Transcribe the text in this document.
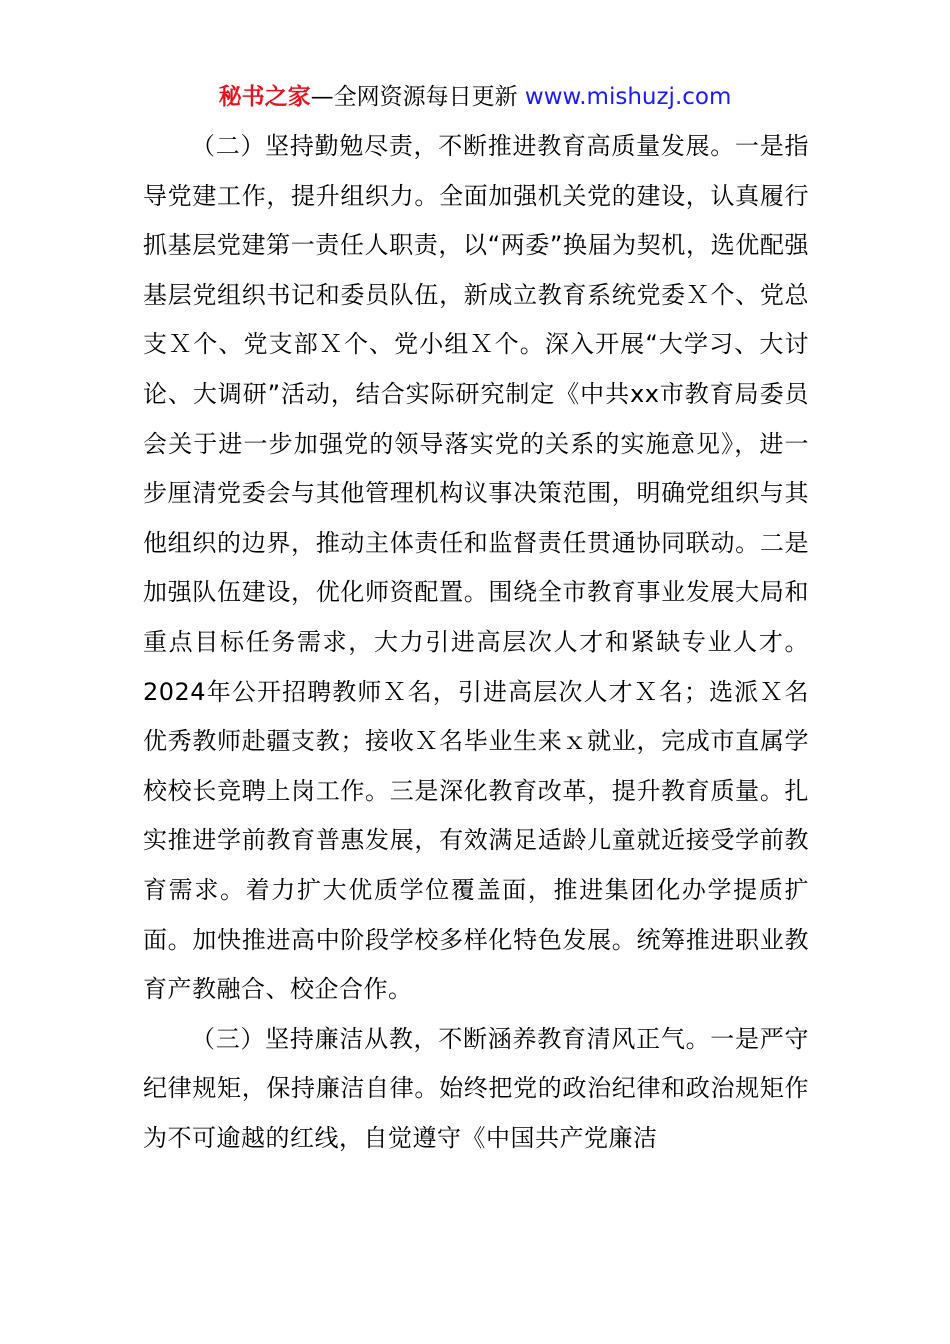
秘书之家—全网资源每日更新 www.mishuzj.com

（二）坚持勤勉尽责，不断推进教育高质量发展。一是指导党建工作，提升组织力。全面加强机关党的建设，认真履行抓基层党建第一责任人职责，以“两委”换届为契机，选优配强基层党组织书记和委员队伍，新成立教育系统党委Ｘ个、党总支Ｘ个、党支部Ｘ个、党小组Ｘ个。深入开展“大学习、大讨论、大调研”活动，结合实际研究制定《中共xx市教育局委员会关于进一步加强党的领导落实党的关系的实施意见》，进一步厘清党委会与其他管理机构议事决策范围，明确党组织与其他组织的边界，推动主体责任和监督责任贯通协同联动。二是加强队伍建设，优化师资配置。围绕全市教育事业发展大局和重点目标任务需求，大力引进高层次人才和紧缺专业人才。2024年公开招聘教师Ｘ名，引进高层次人才Ｘ名；选派Ｘ名优秀教师赴疆支教；接收Ｘ名毕业生来ｘ就业，完成市直属学校校长竞聘上岗工作。三是深化教育改革，提升教育质量。扎实推进学前教育普惠发展，有效满足适龄儿童就近接受学前教育需求。着力扩大优质学位覆盖面，推进集团化办学提质扩面。加快推进高中阶段学校多样化特色发展。统筹推进职业教育产教融合、校企合作。

（三）坚持廉洁从教，不断涵养教育清风正气。一是严守纪律规矩，保持廉洁自律。始终把党的政治纪律和政治规矩作为不可逾越的红线，自觉遵守《中国共产党廉洁
